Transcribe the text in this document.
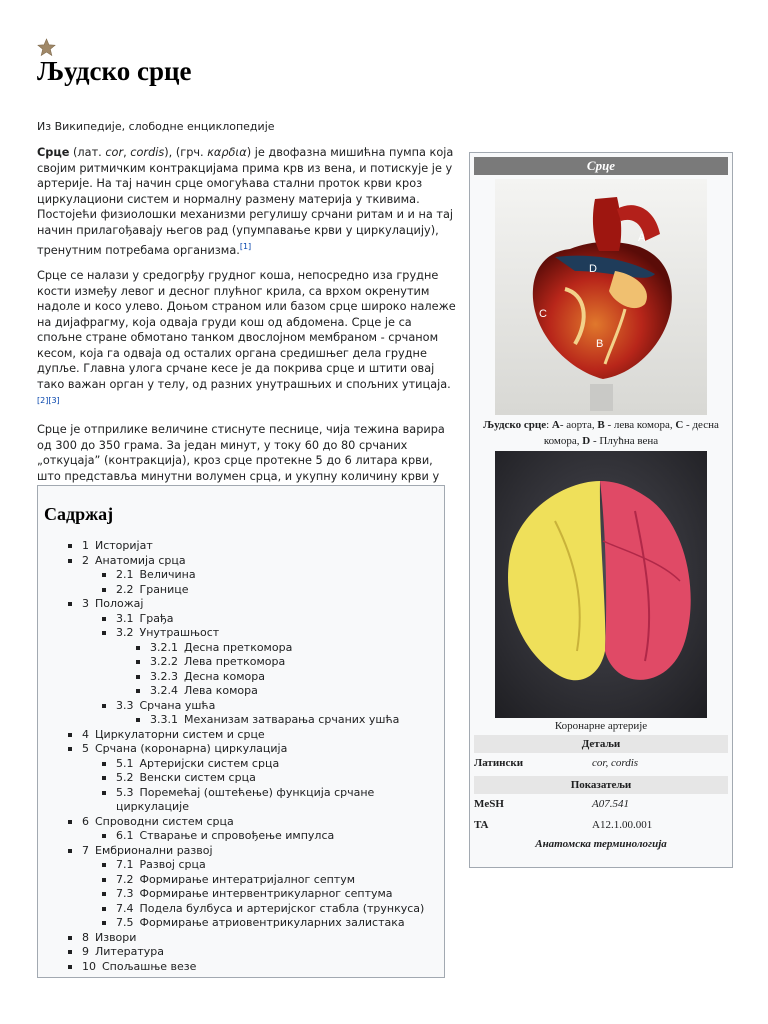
Људско срце

Из Википедије, слободне енциклопедије

Срце (лат. cor, cordis), (грч. καρδια) је двофазна мишићна пумпа која својим ритмичким контракцијама прима крв из вена, и потискује је у артерије. На тај начин срце омогућава стални проток крви кроз циркулациони систем и нормалну размену материја у ткивима. Постојећи физиолошки механизми регулишу срчани ритам и и на тај начин прилагођавају његов рад (упумпавање крви у циркулацију), тренутним потребама организма.[1]

Срце се налази у средогрђу грудног коша, непосредно иза грудне кости између левог и десног плућног крила, са врхом окренутим надоле и косо улево. Доњом страном или базом срце широко належе на дијафрагму, која одваја груди кош од абдомена. Срце је са спољне стране обмотано танком двослојном мембраном - срчаном кесом, која га одваја од осталих органа средишњег дела грудне дупље. Главна улога срчане кесе је да покрива срце и штити овај тако важан орган у телу, од разних унутрашњих и спољних утицаја.[2][3]

Срце је отприлике величине стиснуте песнице, чија тежина варира од 300 до 350 грама. За један минут, у току 60 до 80 срчаних „откуцаја” (контракција), кроз срце протекне 5 до 6 литара крви, што представља минутни волумен срца, и укупну количину крви у

Садржај
1 Историјат
2 Анатомија срца
2.1 Величина
2.2 Границе
3 Положај
3.1 Грађа
3.2 Унутрашњост
3.2.1 Десна преткомора
3.2.2 Лева преткомора
3.2.3 Десна комора
3.2.4 Лева комора
3.3 Срчана ушћа
3.3.1 Механизам затварања срчаних ушћа
4 Циркулаторни систем и срце
5 Срчана (коронарна) циркулација
5.1 Артеријски систем срца
5.2 Венски систем срца
5.3 Поремећај (оштећење) функција срчане циркулације
6 Спроводни систем срца
6.1 Стварање и спровођење импулса
7 Ембрионални развој
7.1 Развој срца
7.2 Формирање интератријалног септум
7.3 Формирање интервентрикуларног септума
7.4 Подела булбуса и артеријског стабла (трункуса)
7.5 Формирање атриовентрикуларних залистака
8 Извори
9 Литература
10 Спољашње везе
Срце
A
D
C
B
Људско срце: A- аорта, B - лева комора, C - десна комора, D - Плућна вена
Коронарне артерије
Детаљи
Латински	cor, cordis
Показатељи
MeSH	A07.541
TA	A12.1.00.001
Анатомска терминологија
